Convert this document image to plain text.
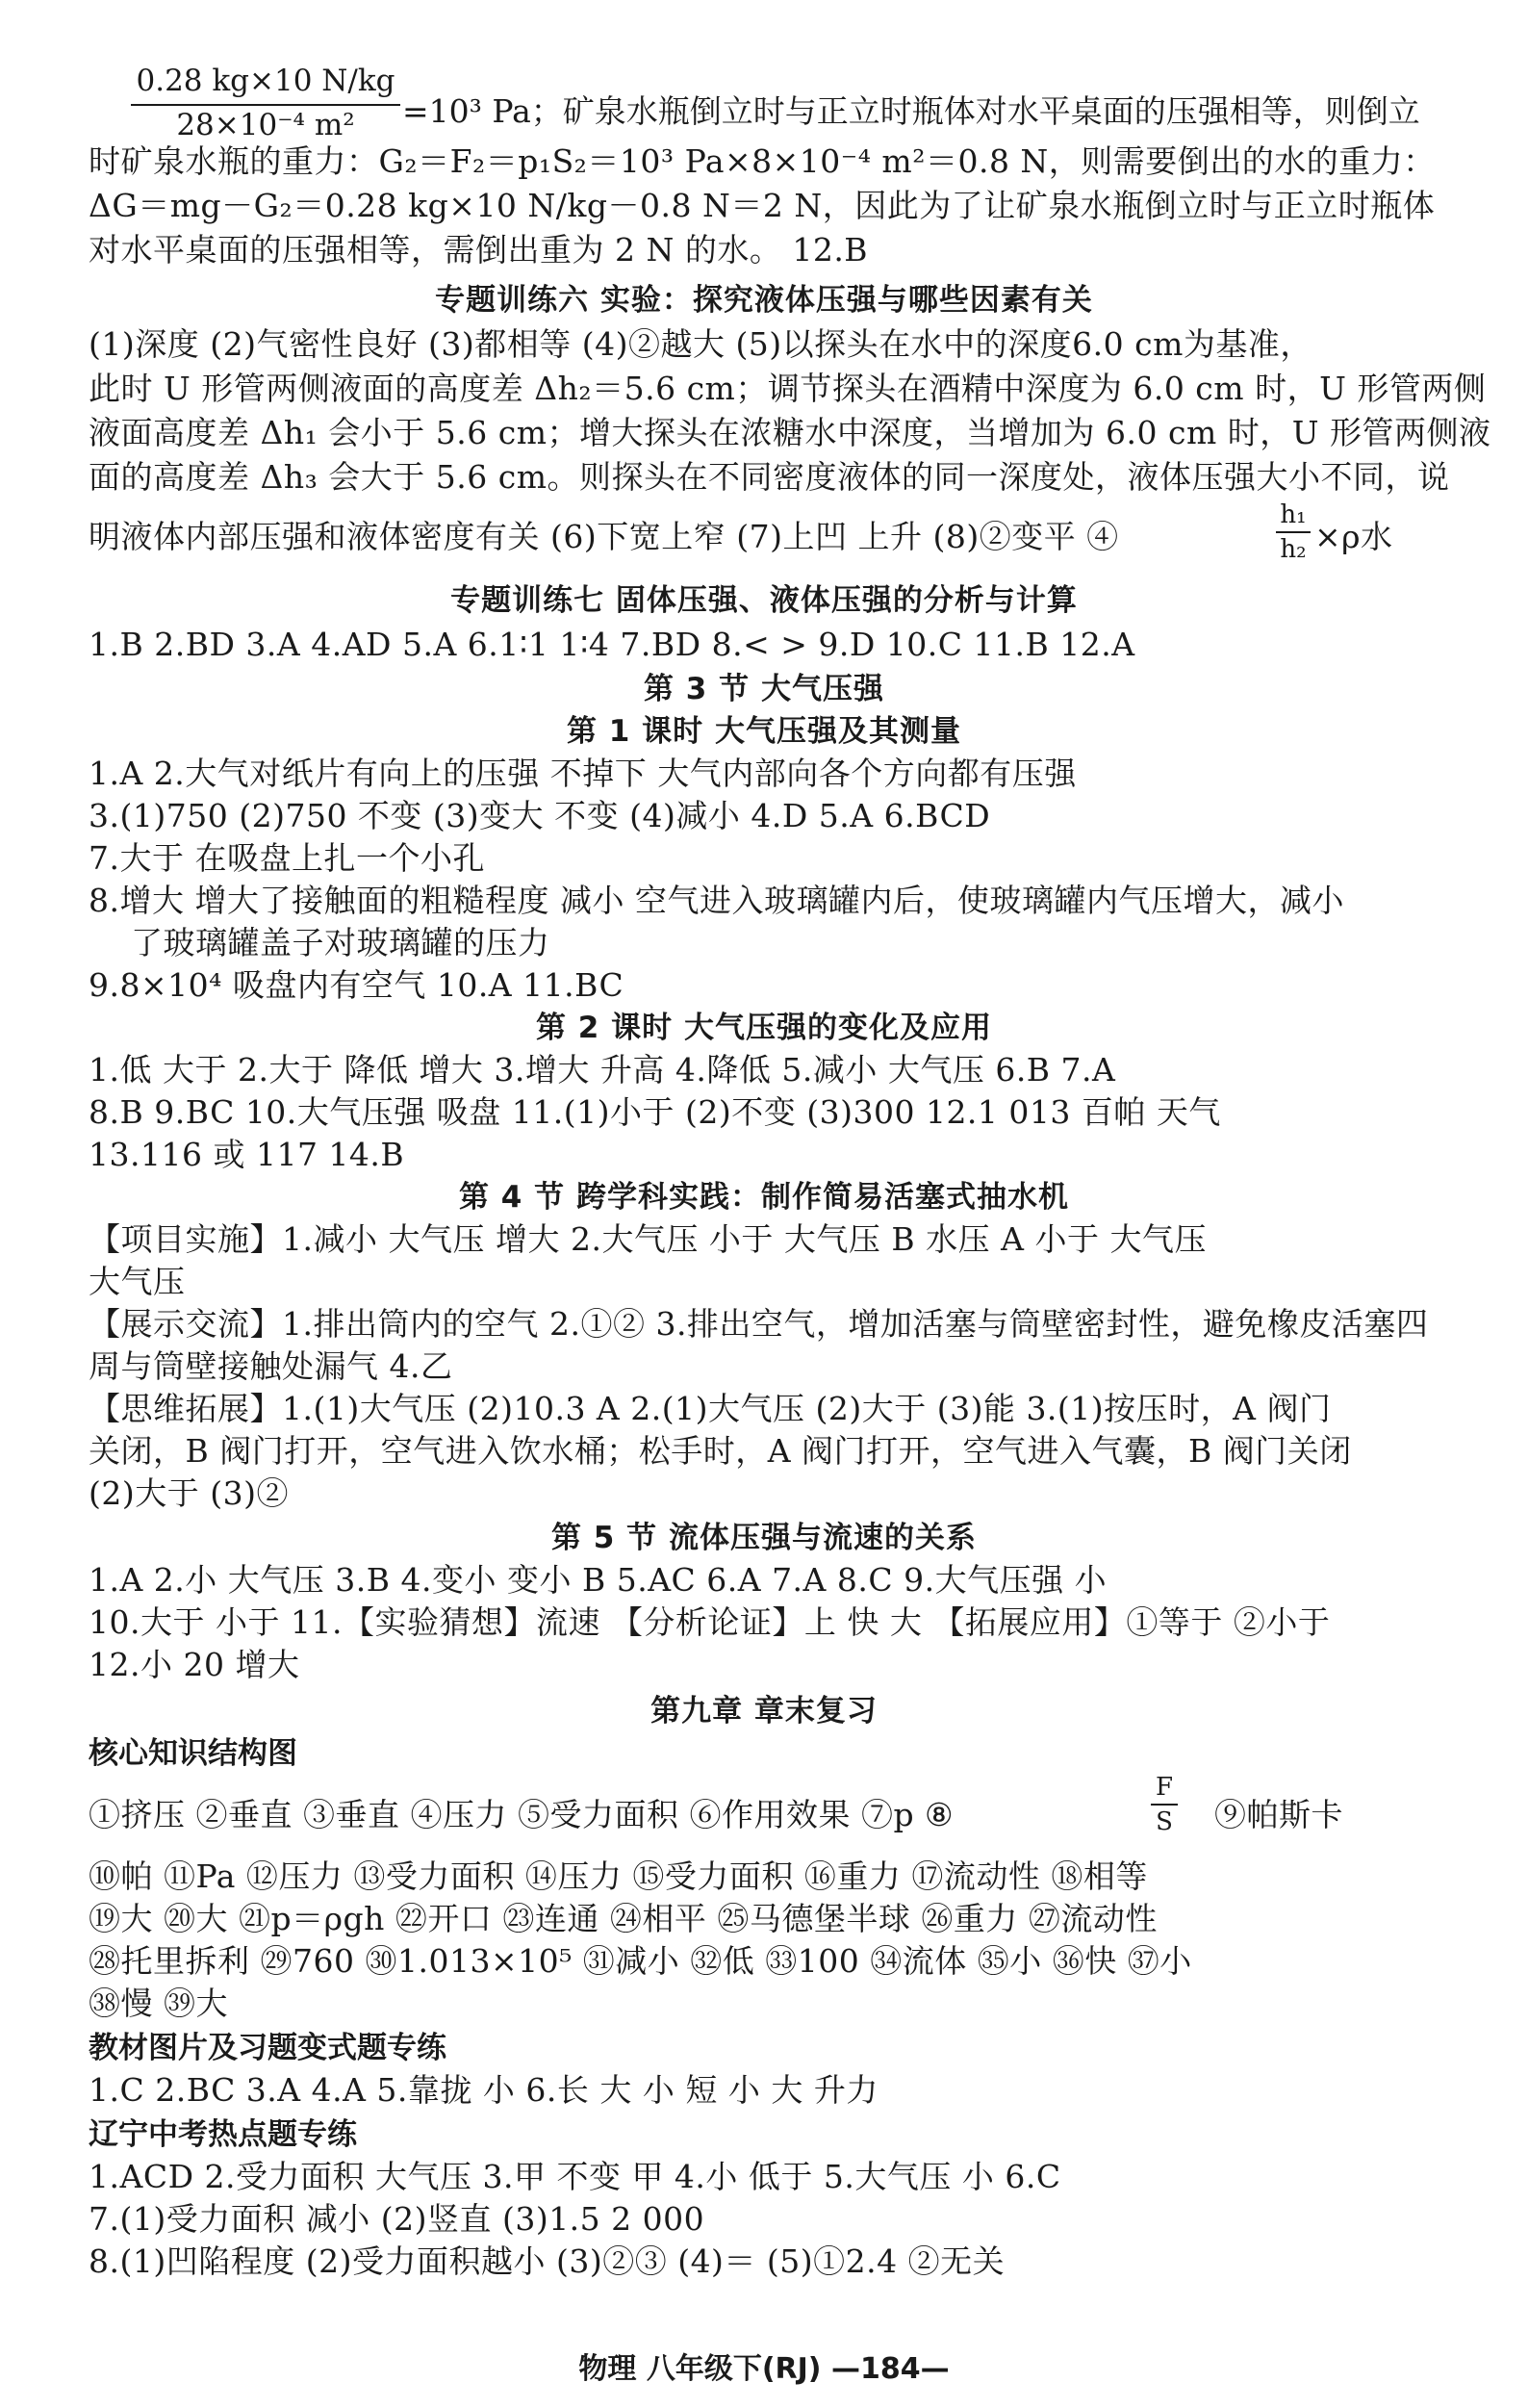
0.28 kg×10 N/kg
28×10⁻⁴ m²	=10³ Pa；矿泉水瓶倒立时与正立时瓶体对水平桌面的压强相等，则倒立
时矿泉水瓶的重力：G₂＝F₂＝p₁S₂＝10³ Pa×8×10⁻⁴ m²＝0.8 N，则需要倒出的水的重力：
ΔG＝mg－G₂＝0.28 kg×10 N/kg－0.8 N＝2 N，因此为了让矿泉水瓶倒立时与正立时瓶体
对水平桌面的压强相等，需倒出重为 2 N 的水。 12.B
专题训练六 实验：探究液体压强与哪些因素有关
(1)深度 (2)气密性良好 (3)都相等 (4)②越大 (5)以探头在水中的深度6.0 cm为基准，
此时 U 形管两侧液面的高度差 Δh₂＝5.6 cm；调节探头在酒精中深度为 6.0 cm 时，U 形管两侧
液面高度差 Δh₁ 会小于 5.6 cm；增大探头在浓糖水中深度，当增加为 6.0 cm 时，U 形管两侧液
面的高度差 Δh₃ 会大于 5.6 cm。则探头在不同密度液体的同一深度处，液体压强大小不同，说
明液体内部压强和液体密度有关 (6)下宽上窄 (7)上凹 上升 (8)②变平 ④
h₁
h₂ ×ρ水
专题训练七 固体压强、液体压强的分析与计算
1.B 2.BD 3.A 4.AD 5.A 6.1∶1 1∶4 7.BD 8.< > 9.D 10.C 11.B 12.A
第 3 节 大气压强
第 1 课时 大气压强及其测量
1.A 2.大气对纸片有向上的压强 不掉下 大气内部向各个方向都有压强
3.(1)750 (2)750 不变 (3)变大 不变 (4)减小 4.D 5.A 6.BCD
7.大于 在吸盘上扎一个小孔
8.增大 增大了接触面的粗糙程度 减小 空气进入玻璃罐内后，使玻璃罐内气压增大，减小
了玻璃罐盖子对玻璃罐的压力
9.8×10⁴ 吸盘内有空气 10.A 11.BC
第 2 课时 大气压强的变化及应用
1.低 大于 2.大于 降低 增大 3.增大 升高 4.降低 5.减小 大气压 6.B 7.A
8.B 9.BC 10.大气压强 吸盘 11.(1)小于 (2)不变 (3)300 12.1 013 百帕 天气
13.116 或 117 14.B
第 4 节 跨学科实践：制作简易活塞式抽水机
【项目实施】1.减小 大气压 增大 2.大气压 小于 大气压 B 水压 A 小于 大气压
大气压
【展示交流】1.排出筒内的空气 2.①② 3.排出空气，增加活塞与筒壁密封性，避免橡皮活塞四
周与筒壁接触处漏气 4.乙
【思维拓展】1.(1)大气压 (2)10.3 A 2.(1)大气压 (2)大于 (3)能 3.(1)按压时，A 阀门
关闭，B 阀门打开，空气进入饮水桶；松手时，A 阀门打开，空气进入气囊，B 阀门关闭
(2)大于 (3)②
第 5 节 流体压强与流速的关系
1.A 2.小 大气压 3.B 4.变小 变小 B 5.AC 6.A 7.A 8.C 9.大气压强 小
10.大于 小于 11.【实验猜想】流速 【分析论证】上 快 大 【拓展应用】①等于 ②小于
12.小 20 增大
第九章 章末复习
核心知识结构图
①挤压 ②垂直 ③垂直 ④压力 ⑤受力面积 ⑥作用效果 ⑦p ⑧
F
S ⑨帕斯卡
⑩帕 ⑪Pa ⑫压力 ⑬受力面积 ⑭压力 ⑮受力面积 ⑯重力 ⑰流动性 ⑱相等
⑲大 ⑳大 ㉑p＝ρgh ㉒开口 ㉓连通 ㉔相平 ㉕马德堡半球 ㉖重力 ㉗流动性
㉘托里拆利 ㉙760 ㉚1.013×10⁵ ㉛减小 ㉜低 ㉝100 ㉞流体 ㉟小 ㊱快 ㊲小
㊳慢 ㊴大
教材图片及习题变式题专练
1.C 2.BC 3.A 4.A 5.靠拢 小 6.长 大 小 短 小 大 升力
辽宁中考热点题专练
1.ACD 2.受力面积 大气压 3.甲 不变 甲 4.小 低于 5.大气压 小 6.C
7.(1)受力面积 减小 (2)竖直 (3)1.5 2 000
8.(1)凹陷程度 (2)受力面积越小 (3)②③ (4)＝ (5)①2.4 ②无关
物理 八年级下(RJ) —184—
